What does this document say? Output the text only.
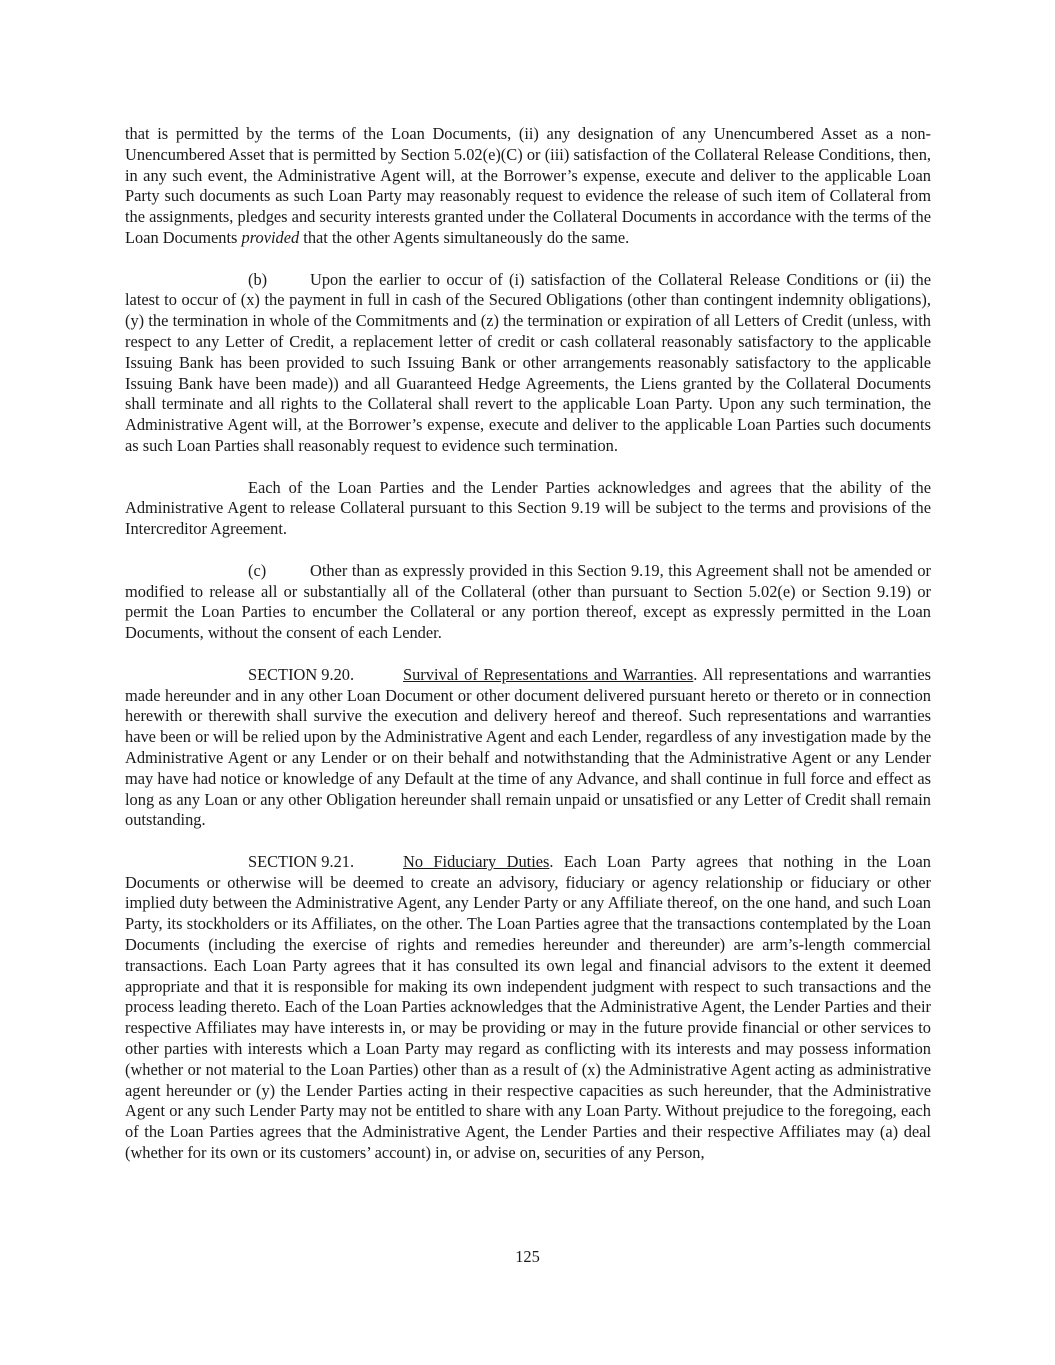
that is permitted by the terms of the Loan Documents, (ii) any designation of any Unencumbered Asset as a non-Unencumbered Asset that is permitted by Section 5.02(e)(C) or (iii) satisfaction of the Collateral Release Conditions, then, in any such event, the Administrative Agent will, at the Borrower’s expense, execute and deliver to the applicable Loan Party such documents as such Loan Party may reasonably request to evidence the release of such item of Collateral from the assignments, pledges and security interests granted under the Collateral Documents in accordance with the terms of the Loan Documents provided that the other Agents simultaneously do the same.

(b)	Upon the earlier to occur of (i) satisfaction of the Collateral Release Conditions or (ii) the latest to occur of (x) the payment in full in cash of the Secured Obligations (other than contingent indemnity obligations), (y) the termination in whole of the Commitments and (z) the termination or expiration of all Letters of Credit (unless, with respect to any Letter of Credit, a replacement letter of credit or cash collateral reasonably satisfactory to the applicable Issuing Bank has been provided to such Issuing Bank or other arrangements reasonably satisfactory to the applicable Issuing Bank have been made)) and all Guaranteed Hedge Agreements, the Liens granted by the Collateral Documents shall terminate and all rights to the Collateral shall revert to the applicable Loan Party. Upon any such termination, the Administrative Agent will, at the Borrower’s expense, execute and deliver to the applicable Loan Parties such documents as such Loan Parties shall reasonably request to evidence such termination.

Each of the Loan Parties and the Lender Parties acknowledges and agrees that the ability of the Administrative Agent to release Collateral pursuant to this Section 9.19 will be subject to the terms and provisions of the Intercreditor Agreement.

(c)	Other than as expressly provided in this Section 9.19, this Agreement shall not be amended or modified to release all or substantially all of the Collateral (other than pursuant to Section 5.02(e) or Section 9.19) or permit the Loan Parties to encumber the Collateral or any portion thereof, except as expressly permitted in the Loan Documents, without the consent of each Lender.

SECTION 9.20.	Survival of Representations and Warranties. All representations and warranties made hereunder and in any other Loan Document or other document delivered pursuant hereto or thereto or in connection herewith or therewith shall survive the execution and delivery hereof and thereof. Such representations and warranties have been or will be relied upon by the Administrative Agent and each Lender, regardless of any investigation made by the Administrative Agent or any Lender or on their behalf and notwithstanding that the Administrative Agent or any Lender may have had notice or knowledge of any Default at the time of any Advance, and shall continue in full force and effect as long as any Loan or any other Obligation hereunder shall remain unpaid or unsatisfied or any Letter of Credit shall remain outstanding.

SECTION 9.21.	No Fiduciary Duties. Each Loan Party agrees that nothing in the Loan Documents or otherwise will be deemed to create an advisory, fiduciary or agency relationship or fiduciary or other implied duty between the Administrative Agent, any Lender Party or any Affiliate thereof, on the one hand, and such Loan Party, its stockholders or its Affiliates, on the other. The Loan Parties agree that the transactions contemplated by the Loan Documents (including the exercise of rights and remedies hereunder and thereunder) are arm’s-length commercial transactions. Each Loan Party agrees that it has consulted its own legal and financial advisors to the extent it deemed appropriate and that it is responsible for making its own independent judgment with respect to such transactions and the process leading thereto. Each of the Loan Parties acknowledges that the Administrative Agent, the Lender Parties and their respective Affiliates may have interests in, or may be providing or may in the future provide financial or other services to other parties with interests which a Loan Party may regard as conflicting with its interests and may possess information (whether or not material to the Loan Parties) other than as a result of (x) the Administrative Agent acting as administrative agent hereunder or (y) the Lender Parties acting in their respective capacities as such hereunder, that the Administrative Agent or any such Lender Party may not be entitled to share with any Loan Party. Without prejudice to the foregoing, each of the Loan Parties agrees that the Administrative Agent, the Lender Parties and their respective Affiliates may (a) deal (whether for its own or its customers’ account) in, or advise on, securities of any Person,

125
